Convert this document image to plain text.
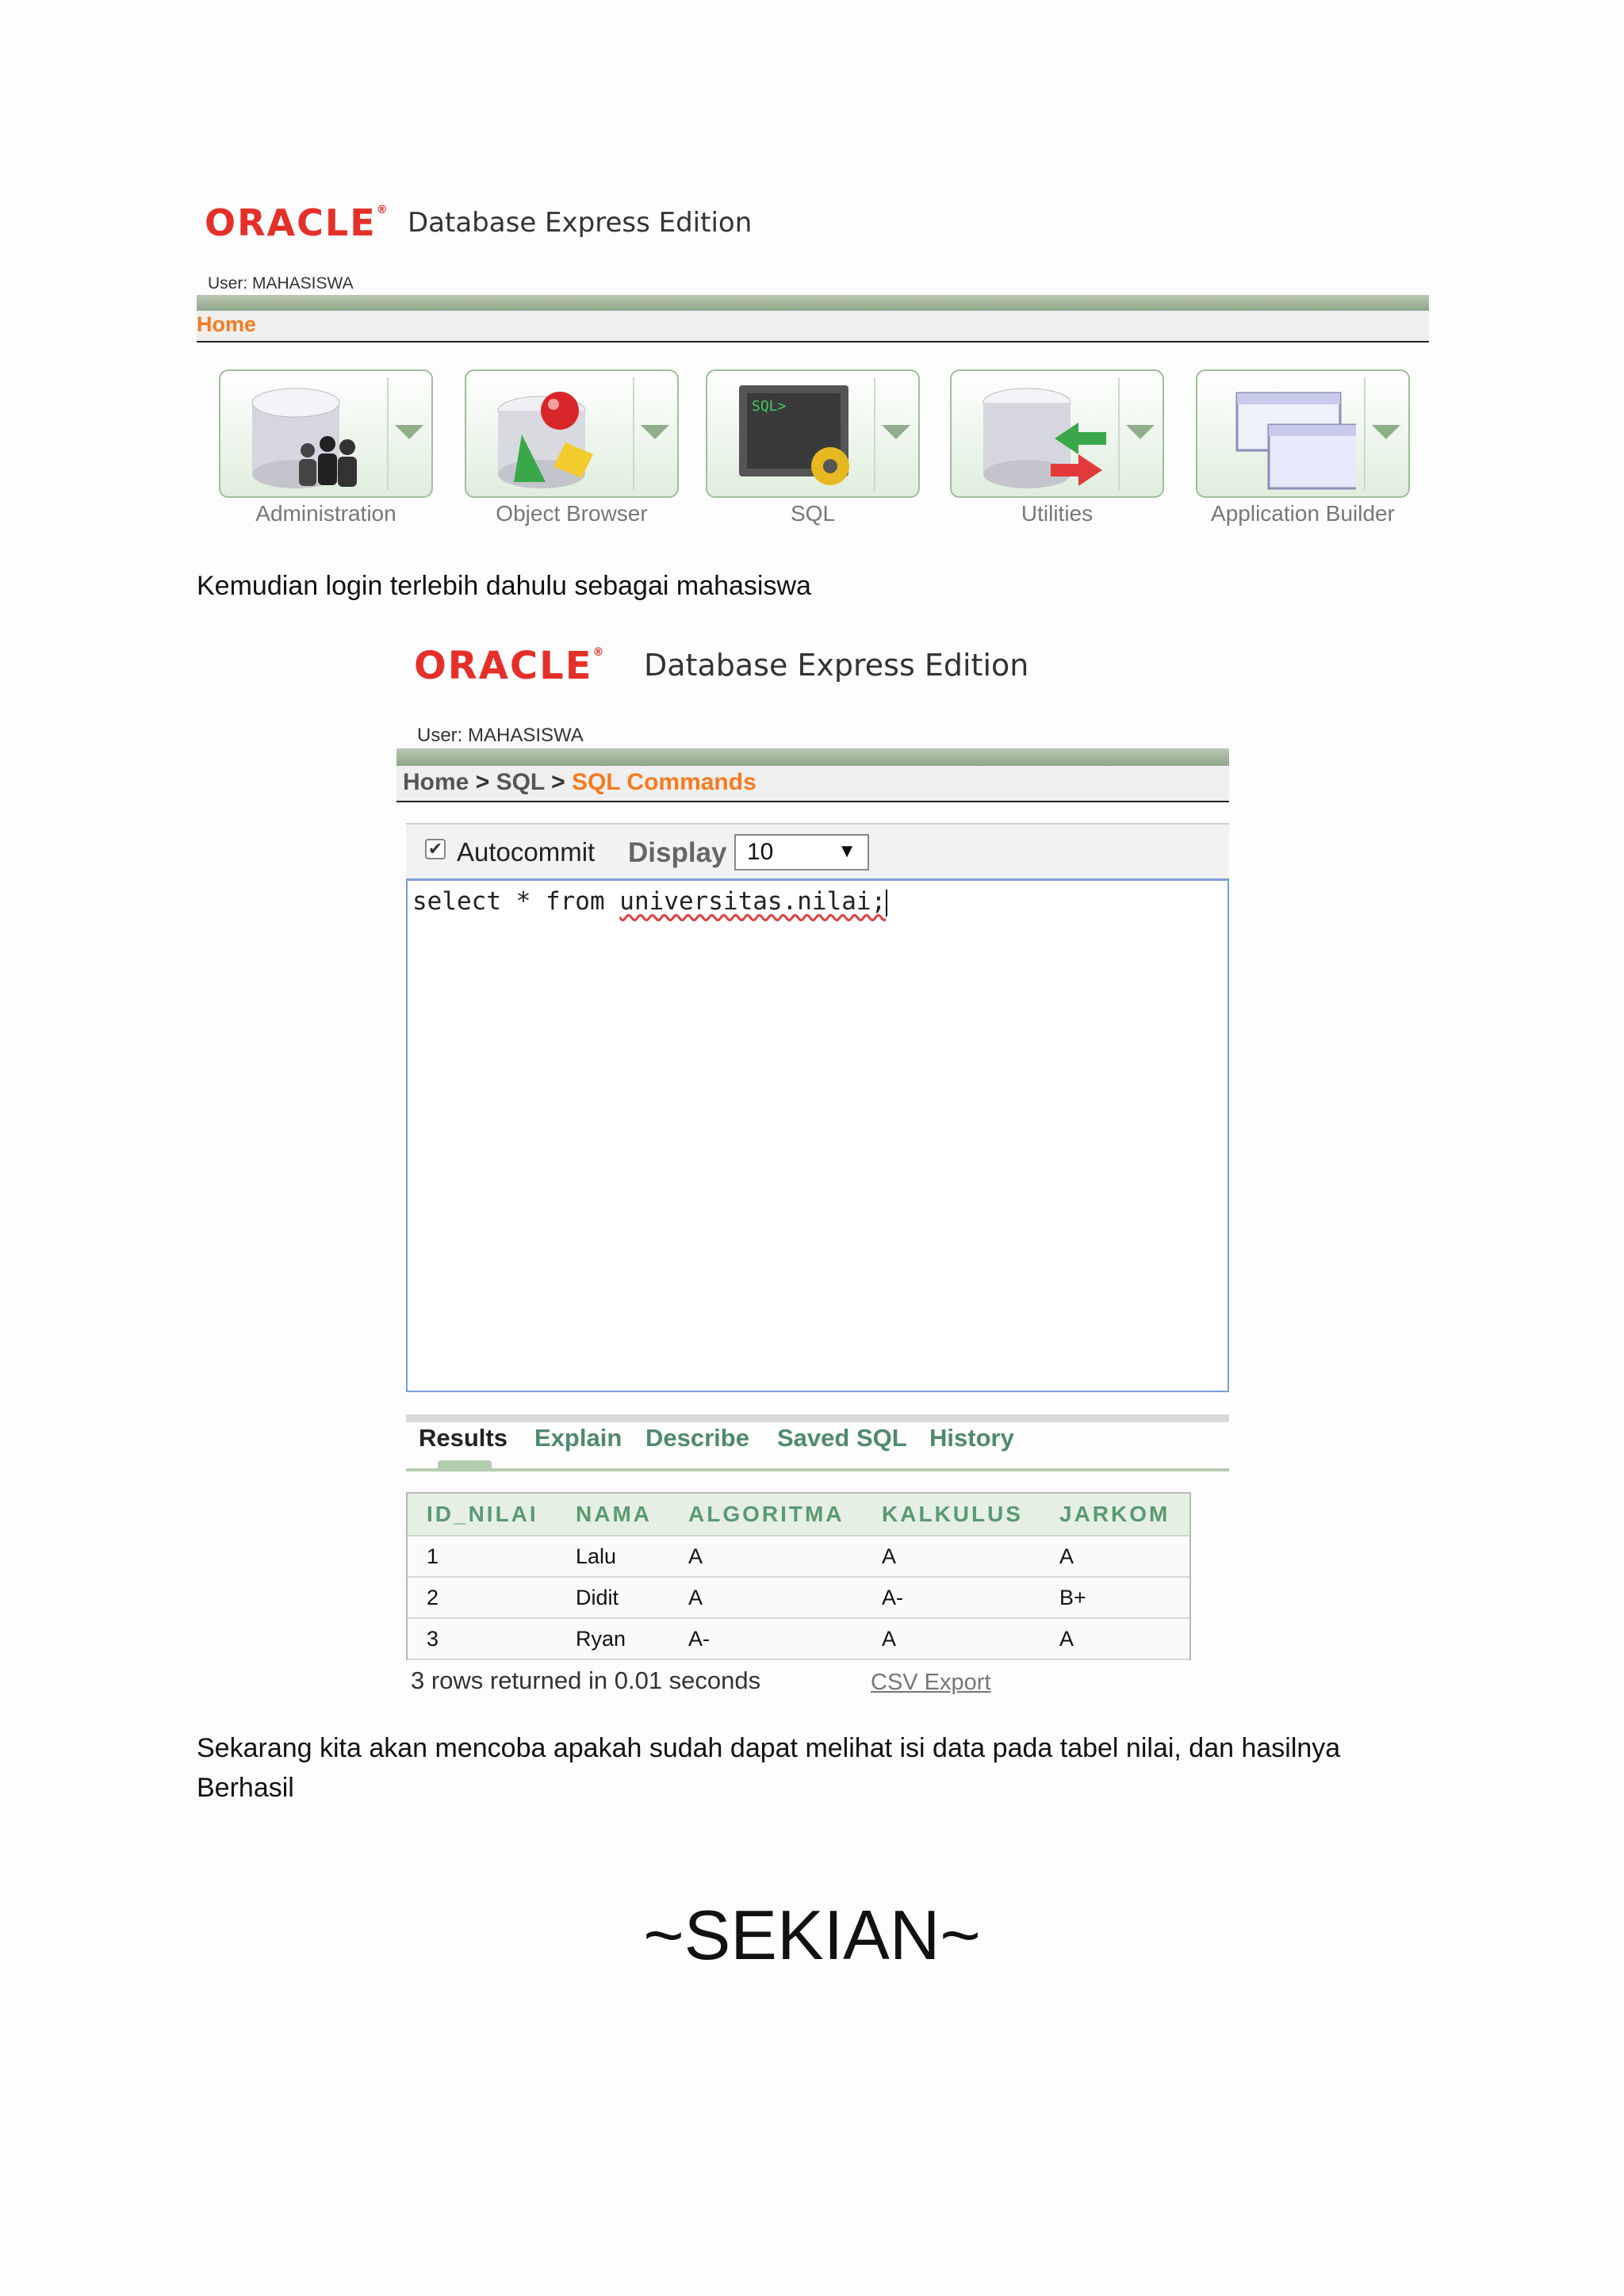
ORACLE® Database Express Edition
User: MAHASISWA
Home
Administration	Object Browser
SQL>
SQL	Utilities	Application Builder
Kemudian login terlebih dahulu sebagai mahasiswa
ORACLE® Database Express Edition
User: MAHASISWA
Home > SQL > SQL Commands
✔ Autocommit Display 10	▼
select * from universitas.nilai;
Results Explain Describe Saved SQL History
ID_NILAI	NAMA	ALGORITMA	KALKULUS	JARKOM
1	Lalu	A	A	A
2	Didit	A	A-	B+
3	Ryan	A-	A	A
3 rows returned in 0.01 seconds	CSV Export
Sekarang kita akan mencoba apakah sudah dapat melihat isi data pada tabel nilai, dan hasilnya
Berhasil
~SEKIAN~
